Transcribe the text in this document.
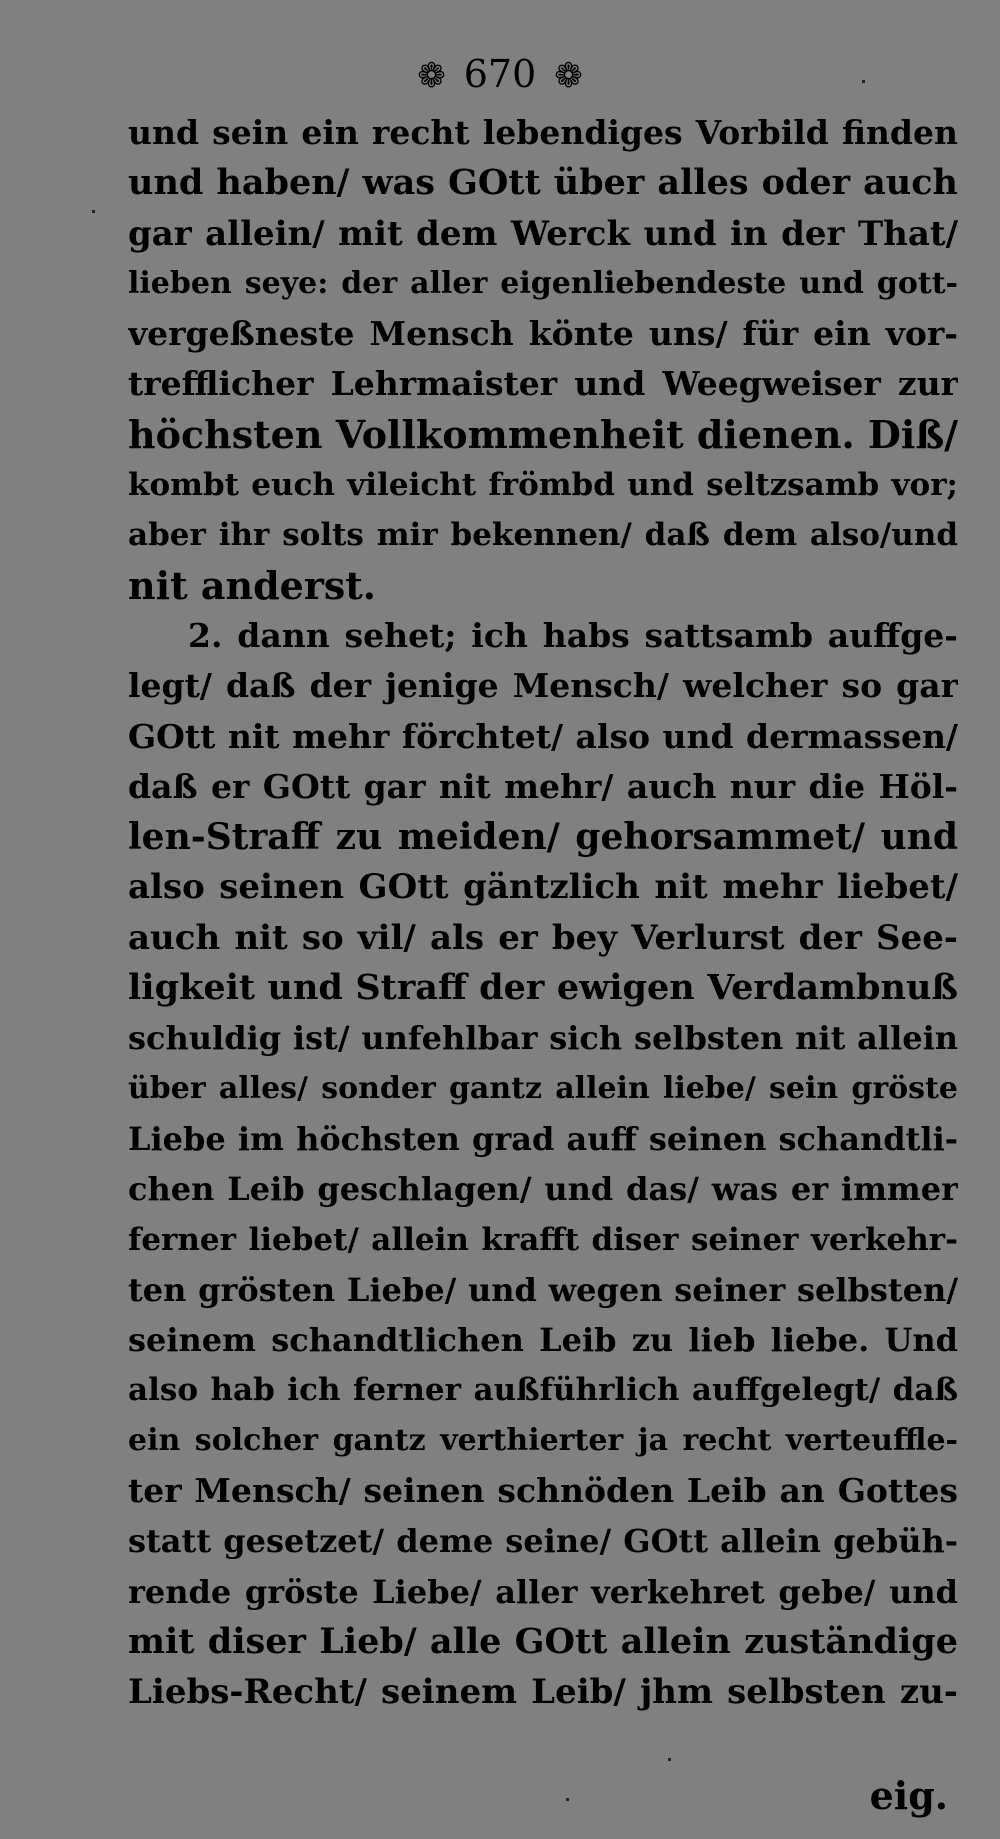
❁ 670 ❁
und sein ein recht lebendiges Vorbild finden
und haben/ was GOtt über alles oder auch
gar allein/ mit dem Werck und in der That/
lieben seye: der aller eigenliebendeste und gott-
vergeßneste Mensch könte uns/ für ein vor-
trefflicher Lehrmaister und Weegweiser zur
höchsten Vollkommenheit dienen. Diß/
kombt euch vileicht frömbd und seltzsamb vor;
aber ihr solts mir bekennen/ daß dem also/und
nit anderst.
2. dann sehet; ich habs sattsamb auffge-
legt/ daß der jenige Mensch/ welcher so gar
GOtt nit mehr förchtet/ also und dermassen/
daß er GOtt gar nit mehr/ auch nur die Höl-
len-Straff zu meiden/ gehorsammet/ und
also seinen GOtt gäntzlich nit mehr liebet/
auch nit so vil/ als er bey Verlurst der See-
ligkeit und Straff der ewigen Verdambnuß
schuldig ist/ unfehlbar sich selbsten nit allein
über alles/ sonder gantz allein liebe/ sein gröste
Liebe im höchsten grad auff seinen schandtli-
chen Leib geschlagen/ und das/ was er immer
ferner liebet/ allein krafft diser seiner verkehr-
ten grösten Liebe/ und wegen seiner selbsten/
seinem schandtlichen Leib zu lieb liebe. Und
also hab ich ferner außführlich auffgelegt/ daß
ein solcher gantz verthierter ja recht verteuffle-
ter Mensch/ seinen schnöden Leib an Gottes
statt gesetzet/ deme seine/ GOtt allein gebüh-
rende gröste Liebe/ aller verkehret gebe/ und
mit diser Lieb/ alle GOtt allein zuständige
Liebs-Recht/ seinem Leib/ jhm selbsten zu-
eig.
